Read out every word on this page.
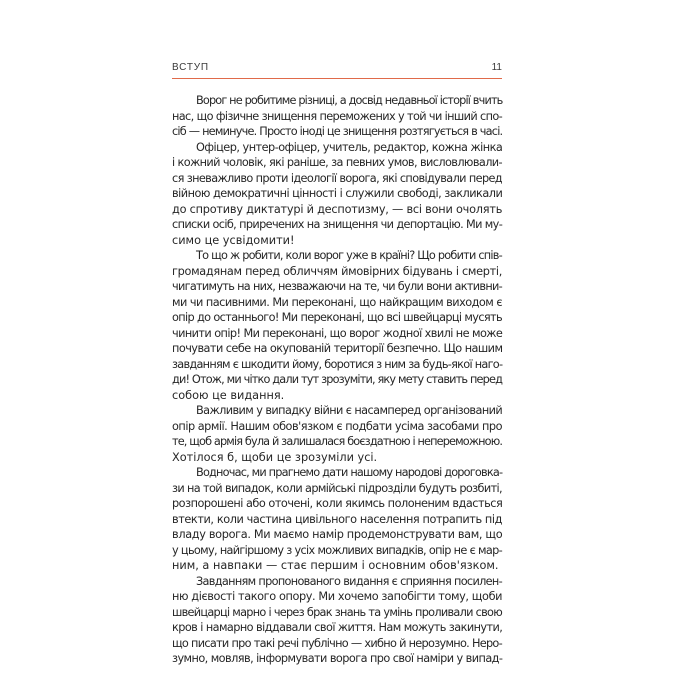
ВСТУП	11
Ворог не робитиме різниці, а досвід недавньої історії вчить
нас, що фізичне знищення переможених у той чи інший спо-
сіб — неминуче. Просто іноді це знищення розтягується в часі.
Офіцер, унтер-офіцер, учитель, редактор, кожна жінка
і кожний чоловік, які раніше, за певних умов, висловлювали-
ся зневажливо проти ідеології ворога, які сповідували перед
війною демократичні цінності і служили свободі, закликали
до спротиву диктатурі й деспотизму, — всі вони очолять
списки осіб, приречених на знищення чи депортацію. Ми му-
симо це усвідомити!
То що ж робити, коли ворог уже в країні? Що робити спів-
громадянам перед обличчям ймовірних бідувань і смерті,
чигатимуть на них, незважаючи на те, чи були вони активни-
ми чи пасивними. Ми переконані, що найкращим виходом є
опір до останнього! Ми переконані, що всі швейцарці мусять
чинити опір! Ми переконані, що ворог жодної хвилі не може
почувати себе на окупованій території безпечно. Що нашим
завданням є шкодити йому, боротися з ним за будь-якої наго-
ди! Отож, ми чітко дали тут зрозуміти, яку мету ставить перед
собою це видання.
Важливим у випадку війни є насамперед організований
опір армії. Нашим обов'язком є подбати усіма засобами про
те, щоб армія була й залишалася боєздатною і непереможною.
Хотілося б, щоби це зрозуміли усі.
Водночас, ми прагнемо дати нашому народові дороговка-
зи на той випадок, коли армійські підрозділи будуть розбиті,
розпорошені або оточені, коли якимсь полоненим вдасться
втекти, коли частина цивільного населення потрапить під
владу ворога. Ми маємо намір продемонструвати вам, що
у цьому, найгіршому з усіх можливих випадків, опір не є мар-
ним, а навпаки — стає першим і основним обов'язком.
Завданням пропонованого видання є сприяння посилен-
ню дієвості такого опору. Ми хочемо запобігти тому, щоби
швейцарці марно і через брак знань та умінь проливали свою
кров і намарно віддавали свої життя. Нам можуть закинути,
що писати про такі речі публічно — хибно й нерозумно. Неро-
зумно, мовляв, інформувати ворога про свої наміри у випад-
